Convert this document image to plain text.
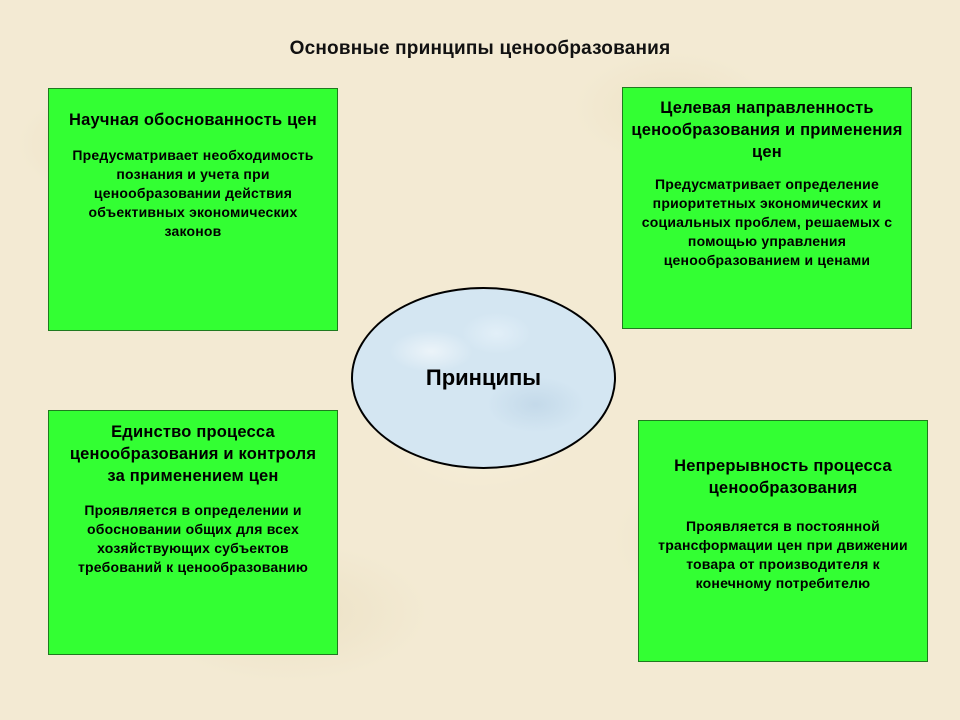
Основные принципы ценообразования
Научная обоснованность цен
Предусматривает необходимость познания и учета при ценообразовании действия объективных экономических законов
Целевая направленность ценообразования и применения цен
Предусматривает определение приоритетных экономических и социальных проблем, решаемых с помощью управления ценообразованием и ценами
Принципы
Единство процесса ценообразования и контроля за применением цен
Проявляется в определении и обосновании общих для всех хозяйствующих субъектов требований к ценообразованию
Непрерывность процесса ценообразования
Проявляется в постоянной трансформации цен при движении товара от производителя к конечному потребителю
